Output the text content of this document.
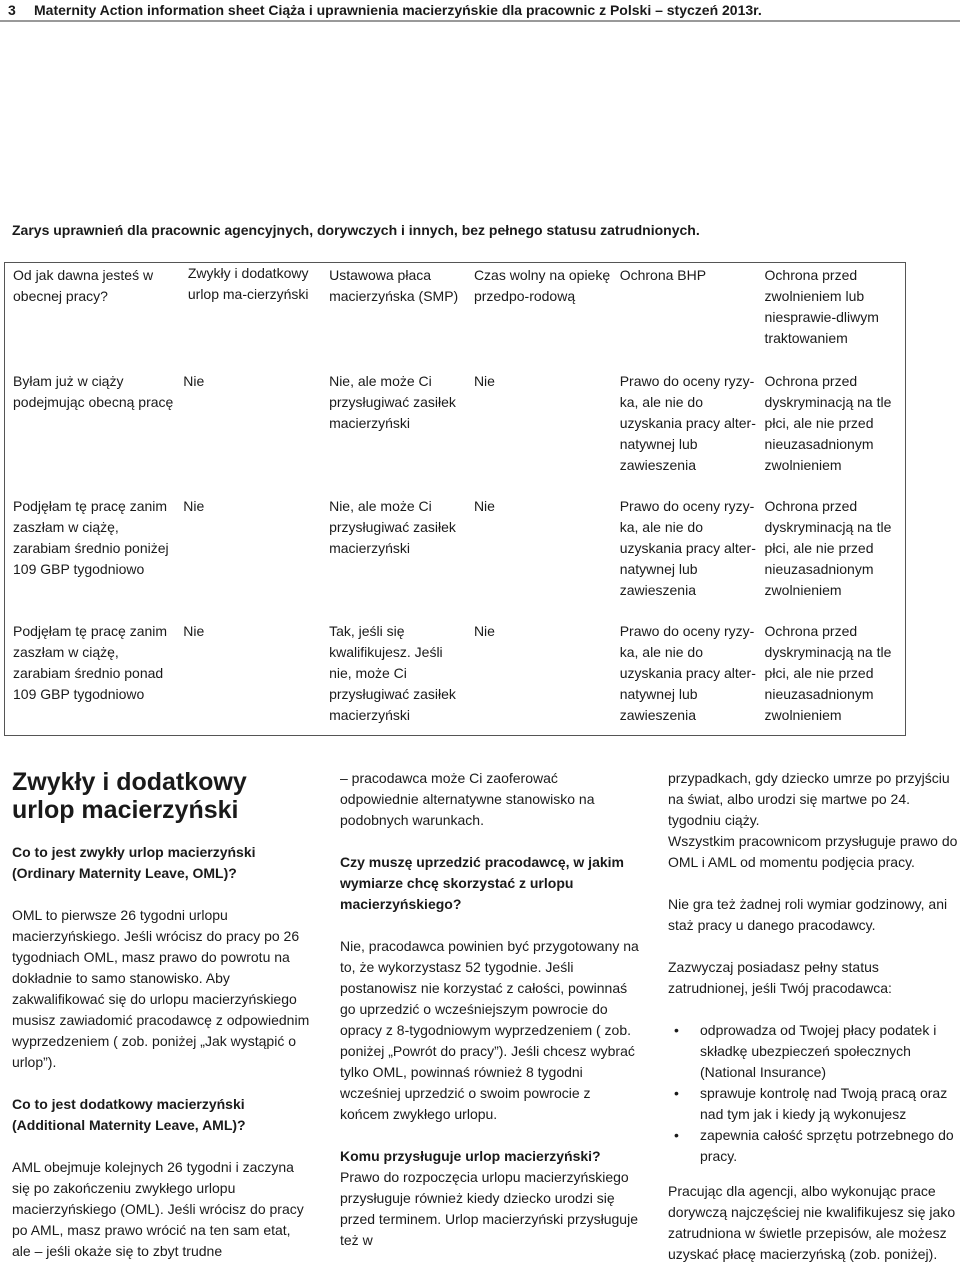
3 Maternity Action information sheet Ciąża i uprawnienia macierzyńskie dla pracownic z Polski – styczeń 2013r.
Zarys uprawnień dla pracownic agencyjnych, dorywczych i innych, bez pełnego statusu zatrudnionych.
Od jak dawna jesteś w obecnej pracy?	Zwykły i dodatkowy urlop ma-cierzyński	Ustawowa płaca macierzyńska (SMP)	Czas wolny na opiekę przedpo-rodową	Ochrona BHP	Ochrona przed zwolnieniem lub niesprawie-dliwym traktowaniem
Byłam już w ciąży podejmując obecną pracę	Nie	Nie, ale może Ci przysługiwać zasiłek macierzyński	Nie	Prawo do oceny ryzy-ka, ale nie do uzyskania pracy alter-natywnej lub zawieszenia	Ochrona przed dyskryminacją na tle płci, ale nie przed nieuzasadnionym zwolnieniem
Podjęłam tę pracę zanim zaszłam w ciążę, zarabiam średnio poniżej 109 GBP tygodniowo	Nie	Nie, ale może Ci przysługiwać zasiłek macierzyński	Nie	Prawo do oceny ryzy-ka, ale nie do uzyskania pracy alter-natywnej lub zawieszenia	Ochrona przed dyskryminacją na tle płci, ale nie przed nieuzasadnionym zwolnieniem
Podjęłam tę pracę zanim zaszłam w ciążę, zarabiam średnio ponad 109 GBP tygodniowo	Nie	Tak, jeśli się kwalifikujesz. Jeśli nie, może Ci przysługiwać zasiłek macierzyński	Nie	Prawo do oceny ryzy-ka, ale nie do uzyskania pracy alter-natywnej lub zawieszenia	Ochrona przed dyskryminacją na tle płci, ale nie przed nieuzasadnionym zwolnieniem
Zwykły i dodatkowy urlop macierzyński

Co to jest zwykły urlop macierzyński (Ordinary Maternity Leave, OML)?

OML to pierwsze 26 tygodni urlopu macierzyńskiego. Jeśli wrócisz do pracy po 26 tygodniach OML, masz prawo do powrotu na dokładnie to samo stanowisko. Aby zakwalifikować się do urlopu macierzyńskiego musisz zawiadomić pracodawcę z odpowiednim wyprzedzeniem ( zob. poniżej „Jak wystąpić o urlop”).

Co to jest dodatkowy macierzyński (Additional Maternity Leave, AML)?

AML obejmuje kolejnych 26 tygodni i zaczyna się po zakończeniu zwykłego urlopu macierzyńskiego (OML). Jeśli wrócisz do pracy po AML, masz prawo wrócić na ten sam etat, ale – jeśli okaże się to zbyt trudne

– pracodawca może Ci zaoferować odpowiednie alternatywne stanowisko na podobnych warunkach.

Czy muszę uprzedzić pracodawcę, w jakim wymiarze chcę skorzystać z urlopu macierzyńskiego?

Nie, pracodawca powinien być przygotowany na to, że wykorzystasz 52 tygodnie. Jeśli postanowisz nie korzystać z całości, powinnaś go uprzedzić o wcześniejszym powrocie do opracy z 8-tygodniowym wyprzedzeniem ( zob. poniżej „Powrót do pracy”). Jeśli chcesz wybrać tylko OML, powinnaś również 8 tygodni wcześniej uprzedzić o swoim powrocie z końcem zwykłego urlopu.

Komu przysługuje urlop macierzyński?

Prawo do rozpoczęcia urlopu macierzyńskiego przysługuje również kiedy dziecko urodzi się przed terminem. Urlop macierzyński przysługuje też w

przypadkach, gdy dziecko umrze po przyjściu na świat, albo urodzi się martwe po 24. tygodniu ciąży.

Wszystkim pracownicom przysługuje prawo do OML i AML od momentu podjęcia pracy.

Nie gra też żadnej roli wymiar godzinowy, ani staż pracy u danego pracodawcy.

Zazwyczaj posiadasz pełny status zatrudnionej, jeśli Twój pracodawca:

• odprowadza od Twojej płacy podatek i składkę ubezpieczeń społecznych (National Insurance)
• sprawuje kontrolę nad Twoją pracą oraz nad tym jak i kiedy ją wykonujesz
• zapewnia całość sprzętu potrzebnego do pracy.

Pracując dla agencji, albo wykonując prace dorywczą najczęściej nie kwalifikujesz się jako zatrudniona w świetle przepisów, ale możesz uzyskać płacę macierzyńską (zob. poniżej).
